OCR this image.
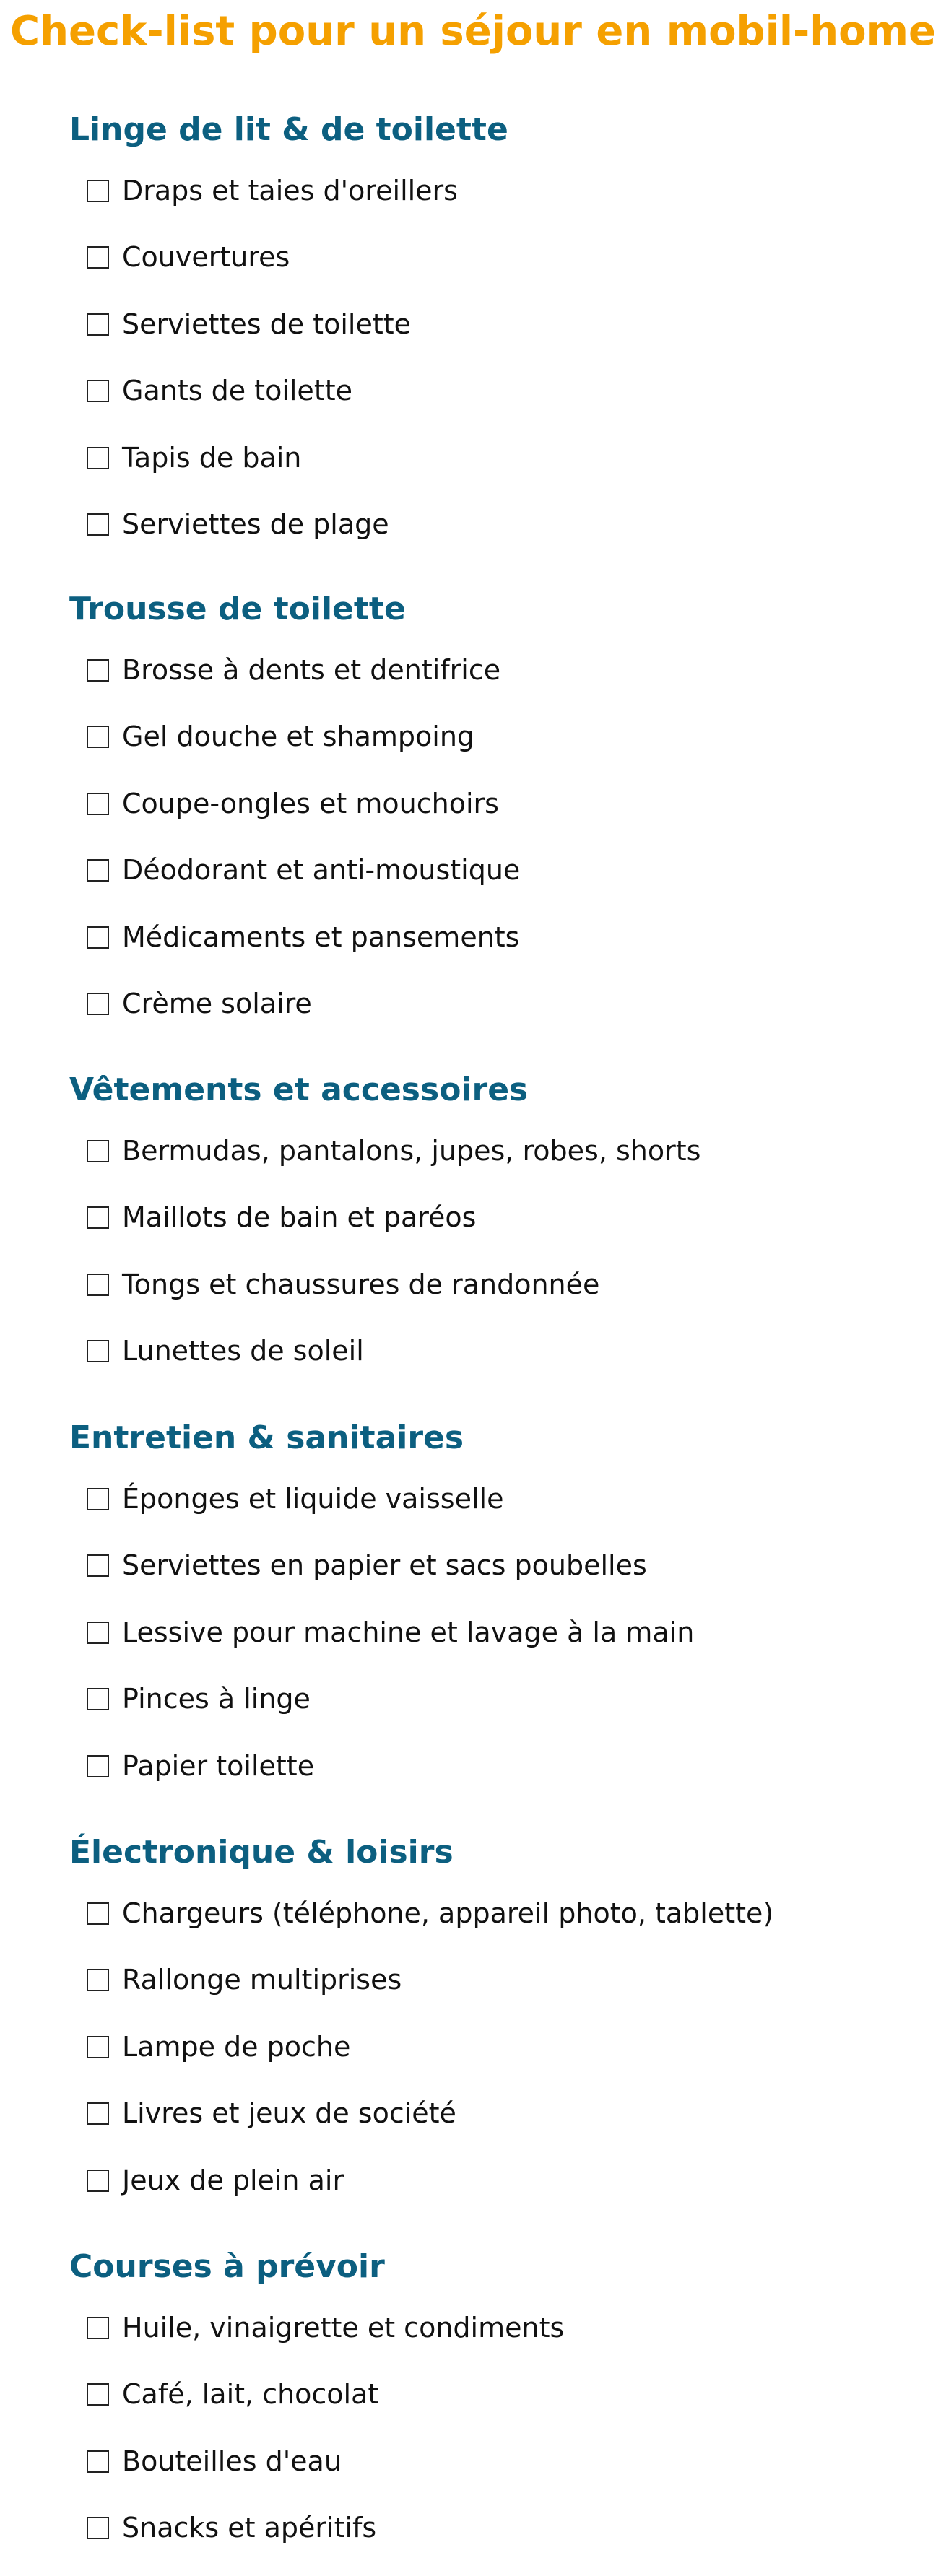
Check-list pour un séjour en mobil-home
Linge de lit & de toilette
Draps et taies d'oreillers
Couvertures
Serviettes de toilette
Gants de toilette
Tapis de bain
Serviettes de plage
Trousse de toilette
Brosse à dents et dentifrice
Gel douche et shampoing
Coupe-ongles et mouchoirs
Déodorant et anti-moustique
Médicaments et pansements
Crème solaire
Vêtements et accessoires
Bermudas, pantalons, jupes, robes, shorts
Maillots de bain et paréos
Tongs et chaussures de randonnée
Lunettes de soleil
Entretien & sanitaires
Éponges et liquide vaisselle
Serviettes en papier et sacs poubelles
Lessive pour machine et lavage à la main
Pinces à linge
Papier toilette
Électronique & loisirs
Chargeurs (téléphone, appareil photo, tablette)
Rallonge multiprises
Lampe de poche
Livres et jeux de société
Jeux de plein air
Courses à prévoir
Huile, vinaigrette et condiments
Café, lait, chocolat
Bouteilles d'eau
Snacks et apéritifs
